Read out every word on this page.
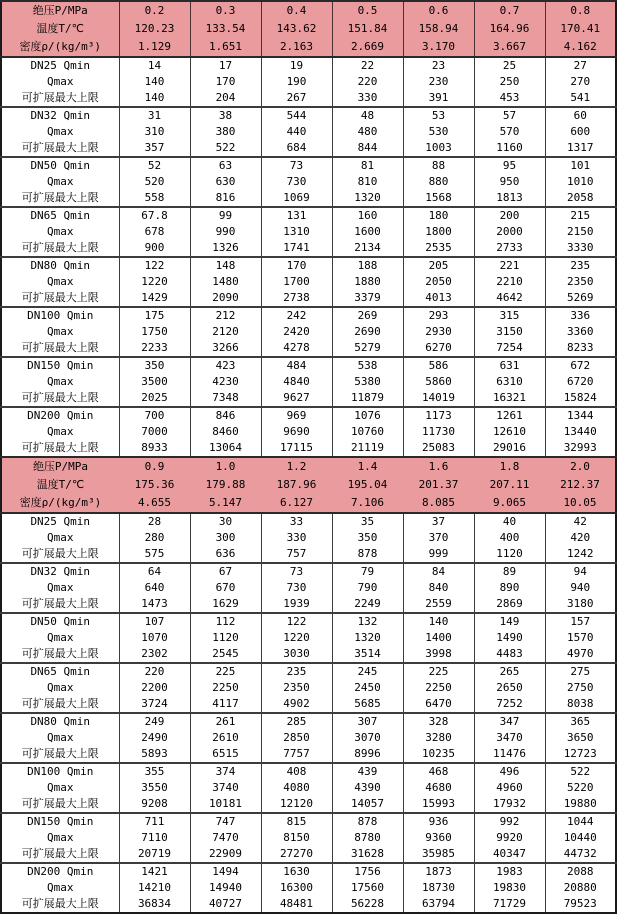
绝压P/MPa	0.2	0.3	0.4	0.5	0.6	0.7	0.8
温度T/℃	120.23	133.54	143.62	151.84	158.94	164.96	170.41
密度ρ/(kg/m³)	1.129	1.651	2.163	2.669	3.170	3.667	4.162
DN25 Qmin	14	17	19	22	23	25	27
Qmax	140	170	190	220	230	250	270
可扩展最大上限	140	204	267	330	391	453	541
DN32 Qmin	31	38	544	48	53	57	60
Qmax	310	380	440	480	530	570	600
可扩展最大上限	357	522	684	844	1003	1160	1317
DN50 Qmin	52	63	73	81	88	95	101
Qmax	520	630	730	810	880	950	1010
可扩展最大上限	558	816	1069	1320	1568	1813	2058
DN65 Qmin	67.8	99	131	160	180	200	215
Qmax	678	990	1310	1600	1800	2000	2150
可扩展最大上限	900	1326	1741	2134	2535	2733	3330
DN80 Qmin	122	148	170	188	205	221	235
Qmax	1220	1480	1700	1880	2050	2210	2350
可扩展最大上限	1429	2090	2738	3379	4013	4642	5269
DN100 Qmin	175	212	242	269	293	315	336
Qmax	1750	2120	2420	2690	2930	3150	3360
可扩展最大上限	2233	3266	4278	5279	6270	7254	8233
DN150 Qmin	350	423	484	538	586	631	672
Qmax	3500	4230	4840	5380	5860	6310	6720
可扩展最大上限	2025	7348	9627	11879	14019	16321	15824
DN200 Qmin	700	846	969	1076	1173	1261	1344
Qmax	7000	8460	9690	10760	11730	12610	13440
可扩展最大上限	8933	13064	17115	21119	25083	29016	32993
绝压P/MPa	0.9	1.0	1.2	1.4	1.6	1.8	2.0
温度T/℃	175.36	179.88	187.96	195.04	201.37	207.11	212.37
密度ρ/(kg/m³)	4.655	5.147	6.127	7.106	8.085	9.065	10.05
DN25 Qmin	28	30	33	35	37	40	42
Qmax	280	300	330	350	370	400	420
可扩展最大上限	575	636	757	878	999	1120	1242
DN32 Qmin	64	67	73	79	84	89	94
Qmax	640	670	730	790	840	890	940
可扩展最大上限	1473	1629	1939	2249	2559	2869	3180
DN50 Qmin	107	112	122	132	140	149	157
Qmax	1070	1120	1220	1320	1400	1490	1570
可扩展最大上限	2302	2545	3030	3514	3998	4483	4970
DN65 Qmin	220	225	235	245	225	265	275
Qmax	2200	2250	2350	2450	2250	2650	2750
可扩展最大上限	3724	4117	4902	5685	6470	7252	8038
DN80 Qmin	249	261	285	307	328	347	365
Qmax	2490	2610	2850	3070	3280	3470	3650
可扩展最大上限	5893	6515	7757	8996	10235	11476	12723
DN100 Qmin	355	374	408	439	468	496	522
Qmax	3550	3740	4080	4390	4680	4960	5220
可扩展最大上限	9208	10181	12120	14057	15993	17932	19880
DN150 Qmin	711	747	815	878	936	992	1044
Qmax	7110	7470	8150	8780	9360	9920	10440
可扩展最大上限	20719	22909	27270	31628	35985	40347	44732
DN200 Qmin	1421	1494	1630	1756	1873	1983	2088
Qmax	14210	14940	16300	17560	18730	19830	20880
可扩展最大上限	36834	40727	48481	56228	63794	71729	79523
